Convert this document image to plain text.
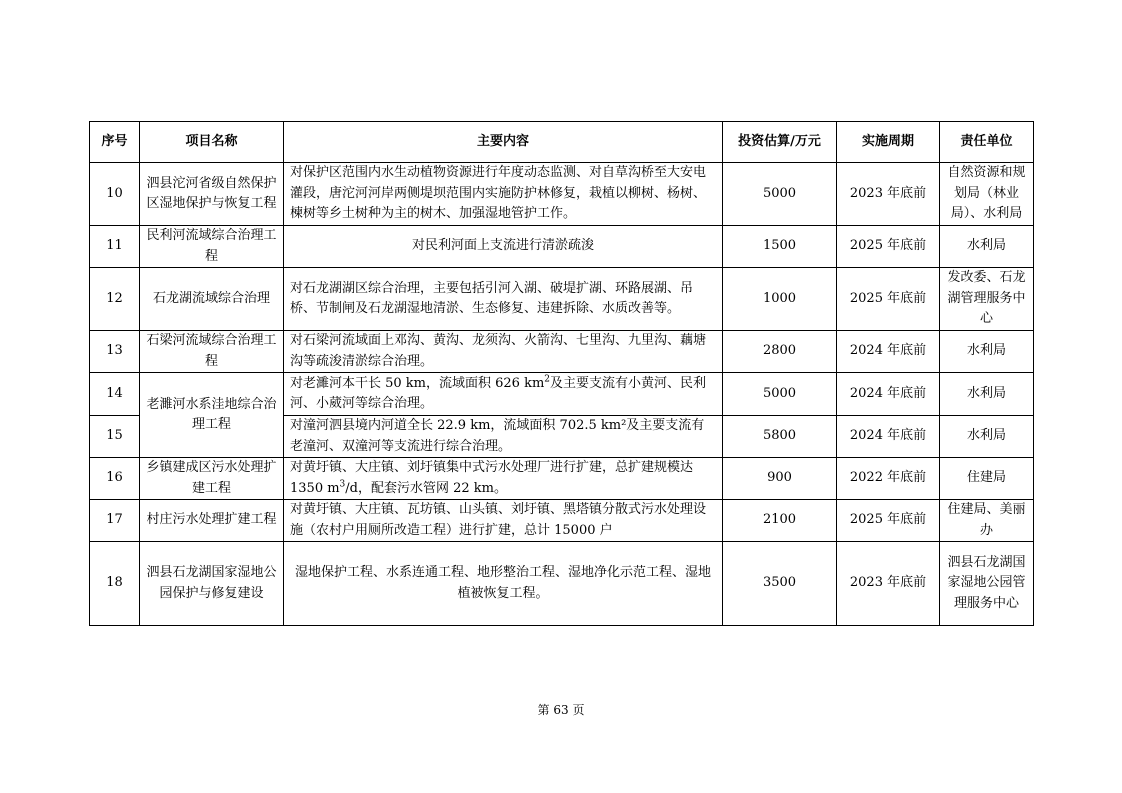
序号	项目名称	主要内容	投资估算/万元	实施周期	责任单位
10	泗县沱河省级自然保护区湿地保护与恢复工程	对保护区范围内水生动植物资源进行年度动态监测、对自草沟桥至大安电灌段，唐沱河河岸两侧堤坝范围内实施防护林修复，栽植以柳树、杨树、楝树等乡土树种为主的树木、加强湿地管护工作。	5000	2023 年底前	自然资源和规划局（林业局）、水利局
11	民利河流域综合治理工程	对民利河面上支流进行清淤疏浚	1500	2025 年底前	水利局
12	石龙湖流域综合治理	对石龙湖湖区综合治理，主要包括引河入湖、破堤扩湖、环路展湖、吊桥、节制闸及石龙湖湿地清淤、生态修复、违建拆除、水质改善等。	1000	2025 年底前	发改委、石龙湖管理服务中心
13	石梁河流域综合治理工程	对石梁河流域面上邓沟、黄沟、龙须沟、火箭沟、七里沟、九里沟、藕塘沟等疏浚清淤综合治理。	2800	2024 年底前	水利局
14	老濉河水系洼地综合治理工程	对老濉河本干长 50 km，流域面积 626 $km^2$及主要支流有小黄河、民利河、小葳河等综合治理。	5000	2024 年底前	水利局
15		对潼河泗县境内河道全长 22.9 km，流域面积 702.5 km²及主要支流有老潼河、双潼河等支流进行综合治理。	5800	2024 年底前	水利局
16	乡镇建成区污水处理扩建工程	对黄圩镇、大庄镇、刘圩镇集中式污水处理厂进行扩建，总扩建规模达 1350 $m^3/d$，配套污水管网 22 km。	900	2022 年底前	住建局
17	村庄污水处理扩建工程	对黄圩镇、大庄镇、瓦坊镇、山头镇、刘圩镇、黑塔镇分散式污水处理设施（农村户用厕所改造工程）进行扩建，总计 15000 户	2100	2025 年底前	住建局、美丽办
18	泗县石龙湖国家湿地公园保护与修复建设	湿地保护工程、水系连通工程、地形整治工程、湿地净化示范工程、湿地植被恢复工程。	3500	2023 年底前	泗县石龙湖国家湿地公园管理服务中心
第 63 页
